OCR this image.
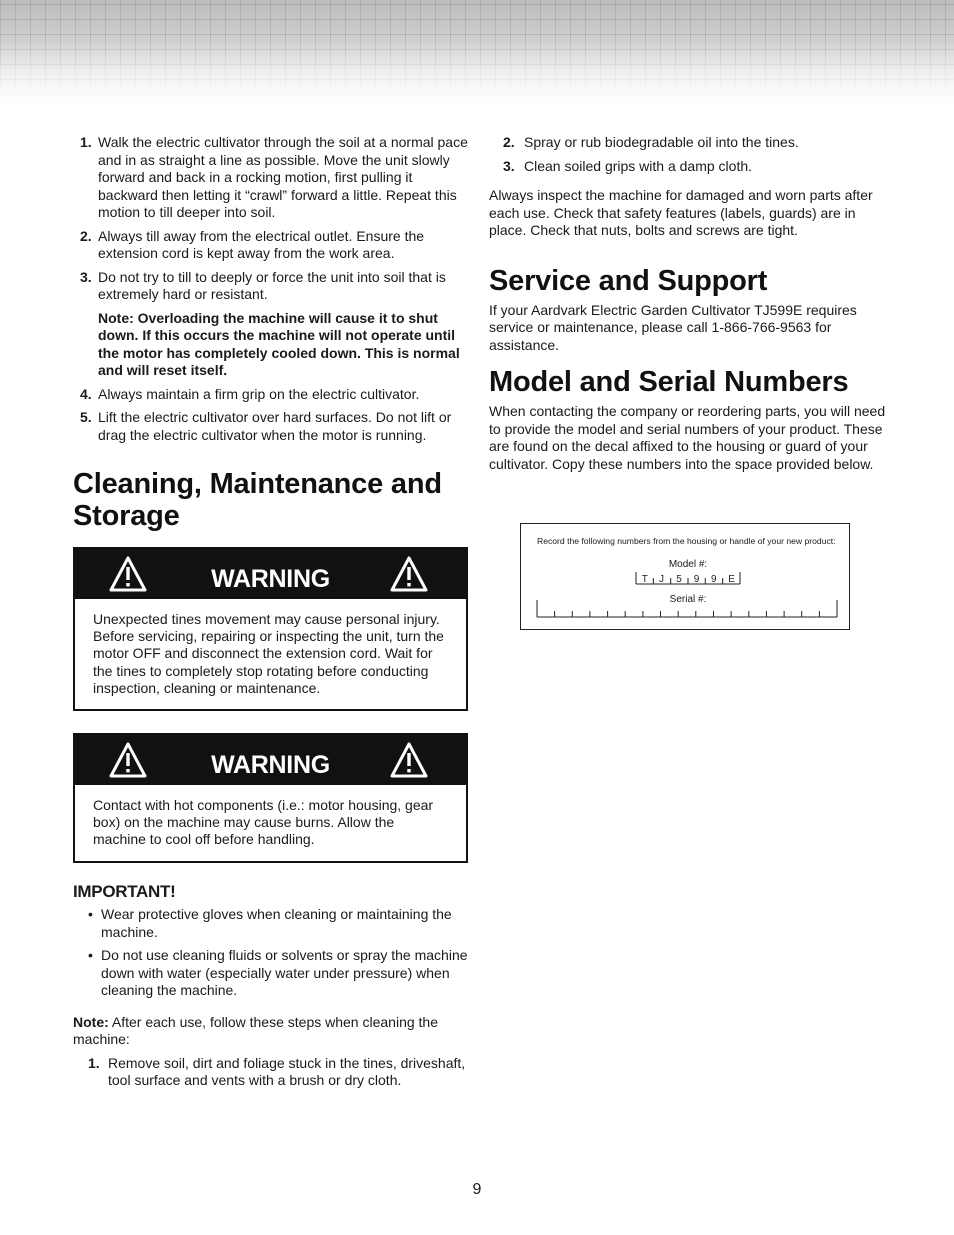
1. Walk the electric cultivator through the soil at a normal pace and in as straight a line as possible. Move the unit slowly forward and back in a rocking motion, first pulling it backward then letting it “crawl” forward a little. Repeat this motion to till deeper into soil.
2. Always till away from the electrical outlet. Ensure the extension cord is kept away from the work area.
3. Do not try to till to deeply or force the unit into soil that is extremely hard or resistant.
Note: Overloading the machine will cause it to shut down. If this occurs the machine will not operate until the motor has completely cooled down. This is normal and will reset itself.
4. Always maintain a firm grip on the electric cultivator.
5. Lift the electric cultivator over hard surfaces. Do not lift or drag the electric cultivator when the motor is running.
Cleaning, Maintenance and Storage
WARNING
Unexpected tines movement may cause personal injury. Before servicing, repairing or inspecting the unit, turn the motor OFF and disconnect the extension cord. Wait for the tines to completely stop rotating before conducting inspection, cleaning or maintenance.
WARNING
Contact with hot components (i.e.: motor housing, gear box) on the machine may cause burns. Allow the machine to cool off before handling.
IMPORTANT!
• Wear protective gloves when cleaning or maintaining the machine.
• Do not use cleaning fluids or solvents or spray the machine down with water (especially water under pressure) when cleaning the machine.

Note: After each use, follow these steps when cleaning the machine:

1. Remove soil, dirt and foliage stuck in the tines, driveshaft, tool surface and vents with a brush or dry cloth.
2. Spray or rub biodegradable oil into the tines.
3. Clean soiled grips with a damp cloth.

Always inspect the machine for damaged and worn parts after each use. Check that safety features (labels, guards) are in place. Check that nuts, bolts and screws are tight.

Service and Support

If your Aardvark Electric Garden Cultivator TJ599E requires service or maintenance, please call 1-866-766-9563 for assistance.

Model and Serial Numbers

When contacting the company or reordering parts, you will need to provide the model and serial numbers of your product. These are found on the decal affixed to the housing or guard of your cultivator. Copy these numbers into the space provided below.

Record the following numbers from the housing or handle of your new product:
Model #:
T J 5 9 9 E
Serial #:
9
